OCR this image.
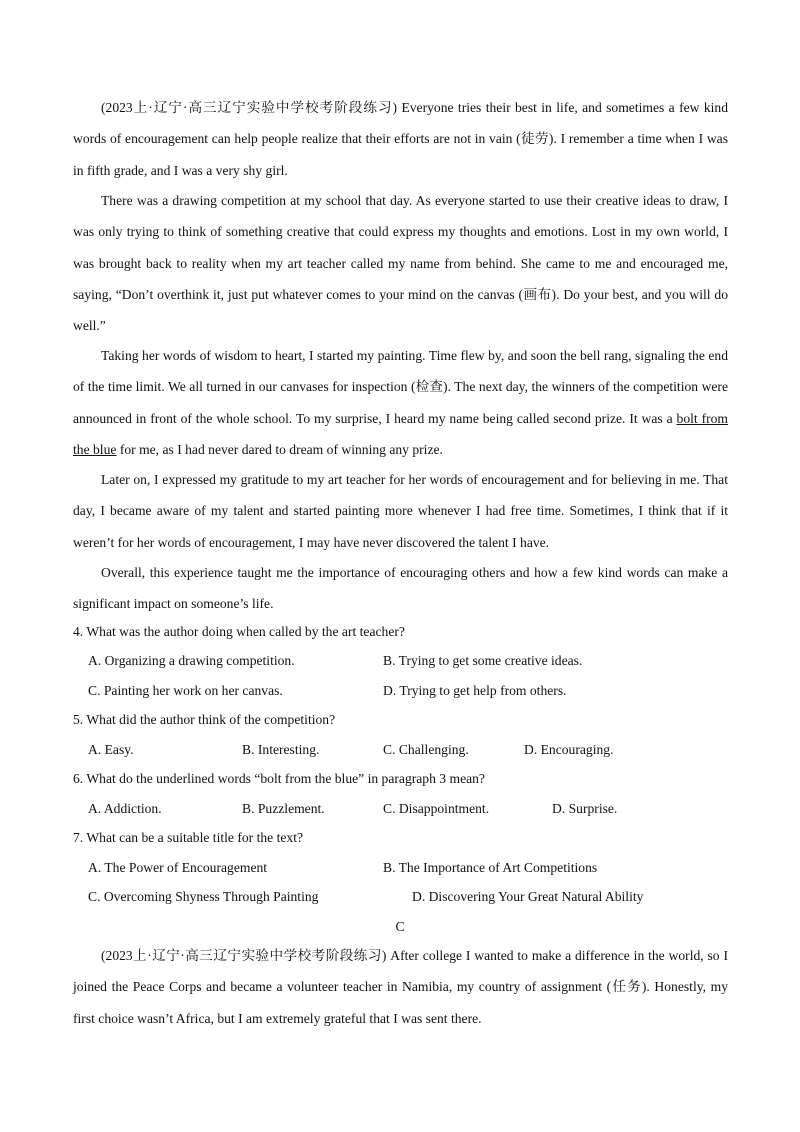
(2023上·辽宁·高三辽宁实验中学校考阶段练习) Everyone tries their best in life, and sometimes a few kind words of encouragement can help people realize that their efforts are not in vain (徒劳). I remember a time when I was in fifth grade, and I was a very shy girl.

There was a drawing competition at my school that day. As everyone started to use their creative ideas to draw, I was only trying to think of something creative that could express my thoughts and emotions. Lost in my own world, I was brought back to reality when my art teacher called my name from behind. She came to me and encouraged me, saying, “Don’t overthink it, just put whatever comes to your mind on the canvas (画布). Do your best, and you will do well.”

Taking her words of wisdom to heart, I started my painting. Time flew by, and soon the bell rang, signaling the end of the time limit. We all turned in our canvases for inspection (检查). The next day, the winners of the competition were announced in front of the whole school. To my surprise, I heard my name being called second prize. It was a bolt from the blue for me, as I had never dared to dream of winning any prize.

Later on, I expressed my gratitude to my art teacher for her words of encouragement and for believing in me. That day, I became aware of my talent and started painting more whenever I had free time. Sometimes, I think that if it weren’t for her words of encouragement, I may have never discovered the talent I have.

Overall, this experience taught me the importance of encouraging others and how a few kind words can make a significant impact on someone’s life.

4. What was the author doing when called by the art teacher?
A. Organizing a drawing competition.	B. Trying to get some creative ideas.
C. Painting her work on her canvas.	D. Trying to get help from others.
5. What did the author think of the competition?
A. Easy.	B. Interesting.	C. Challenging.	D. Encouraging.
6. What do the underlined words “bolt from the blue” in paragraph 3 mean?
A. Addiction.	B. Puzzlement.	C. Disappointment.	D. Surprise.
7. What can be a suitable title for the text?
A. The Power of Encouragement	B. The Importance of Art Competitions
C. Overcoming Shyness Through Painting	D. Discovering Your Great Natural Ability
C

(2023上·辽宁·高三辽宁实验中学校考阶段练习) After college I wanted to make a difference in the world, so I joined the Peace Corps and became a volunteer teacher in Namibia, my country of assignment (任务). Honestly, my first choice wasn’t Africa, but I am extremely grateful that I was sent there.
